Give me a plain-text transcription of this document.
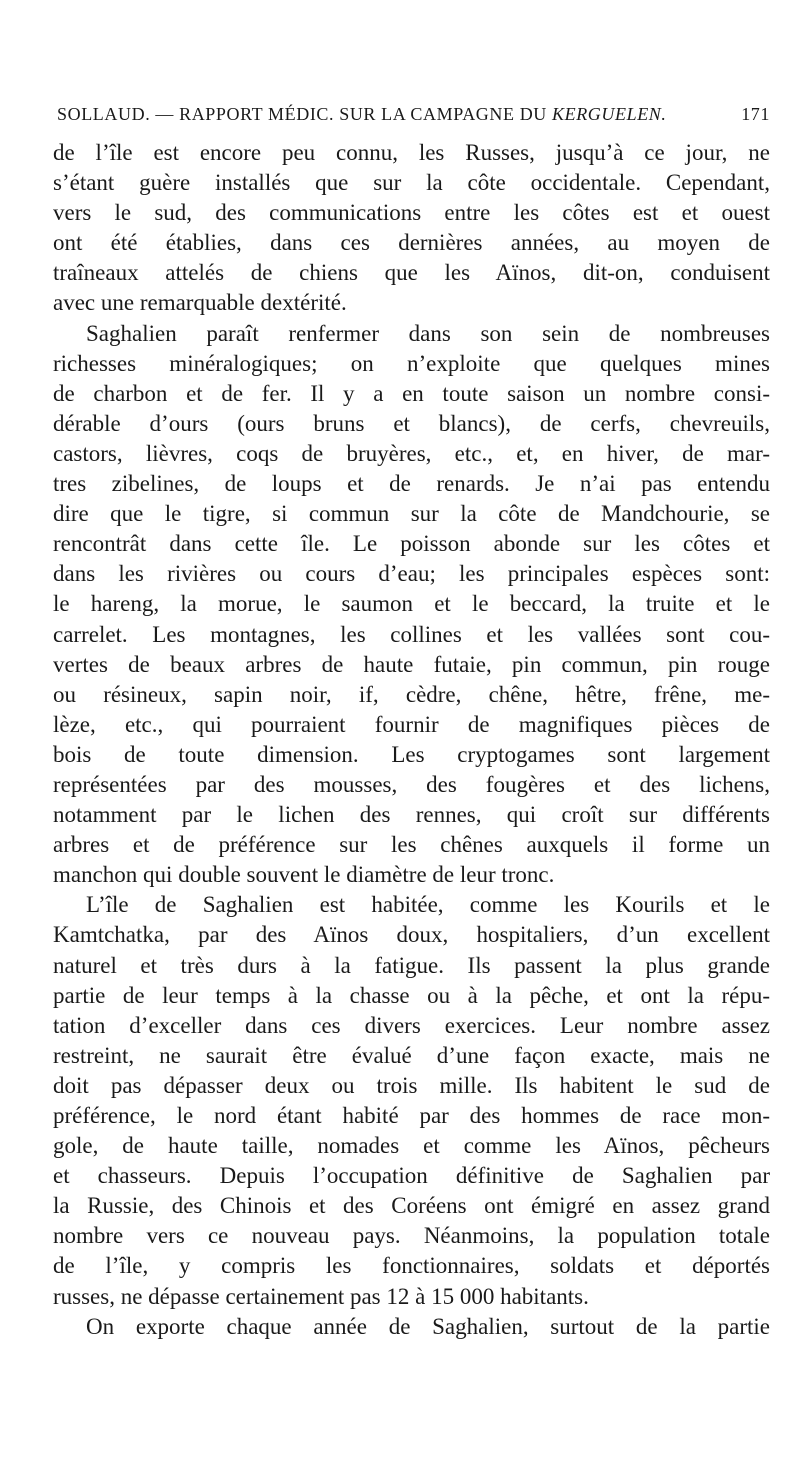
SOLLAUD. — RAPPORT MÉDIC. SUR LA CAMPAGNE DU KERGUELEN.	171
de l’île est encore peu connu, les Russes, jusqu’à ce jour, ne
s’étant guère installés que sur la côte occidentale. Cependant,
vers le sud, des communications entre les côtes est et ouest
ont été établies, dans ces dernières années, au moyen de
traîneaux attelés de chiens que les Aïnos, dit-on, conduisent
avec une remarquable dextérité.
Saghalien paraît renfermer dans son sein de nombreuses
richesses minéralogiques; on n’exploite que quelques mines
de charbon et de fer. Il y a en toute saison un nombre consi-
dérable d’ours (ours bruns et blancs), de cerfs, chevreuils,
castors, lièvres, coqs de bruyères, etc., et, en hiver, de mar-
tres zibelines, de loups et de renards. Je n’ai pas entendu
dire que le tigre, si commun sur la côte de Mandchourie, se
rencontrât dans cette île. Le poisson abonde sur les côtes et
dans les rivières ou cours d’eau; les principales espèces sont:
le hareng, la morue, le saumon et le beccard, la truite et le
carrelet. Les montagnes, les collines et les vallées sont cou-
vertes de beaux arbres de haute futaie, pin commun, pin rouge
ou résineux, sapin noir, if, cèdre, chêne, hêtre, frêne, me-
lèze, etc., qui pourraient fournir de magnifiques pièces de
bois de toute dimension. Les cryptogames sont largement
représentées par des mousses, des fougères et des lichens,
notamment par le lichen des rennes, qui croît sur différents
arbres et de préférence sur les chênes auxquels il forme un
manchon qui double souvent le diamètre de leur tronc.
L’île de Saghalien est habitée, comme les Kourils et le
Kamtchatka, par des Aïnos doux, hospitaliers, d’un excellent
naturel et très durs à la fatigue. Ils passent la plus grande
partie de leur temps à la chasse ou à la pêche, et ont la répu-
tation d’exceller dans ces divers exercices. Leur nombre assez
restreint, ne saurait être évalué d’une façon exacte, mais ne
doit pas dépasser deux ou trois mille. Ils habitent le sud de
préférence, le nord étant habité par des hommes de race mon-
gole, de haute taille, nomades et comme les Aïnos, pêcheurs
et chasseurs. Depuis l’occupation définitive de Saghalien par
la Russie, des Chinois et des Coréens ont émigré en assez grand
nombre vers ce nouveau pays. Néanmoins, la population totale
de l’île, y compris les fonctionnaires, soldats et déportés
russes, ne dépasse certainement pas 12 à 15 000 habitants.
On exporte chaque année de Saghalien, surtout de la partie
